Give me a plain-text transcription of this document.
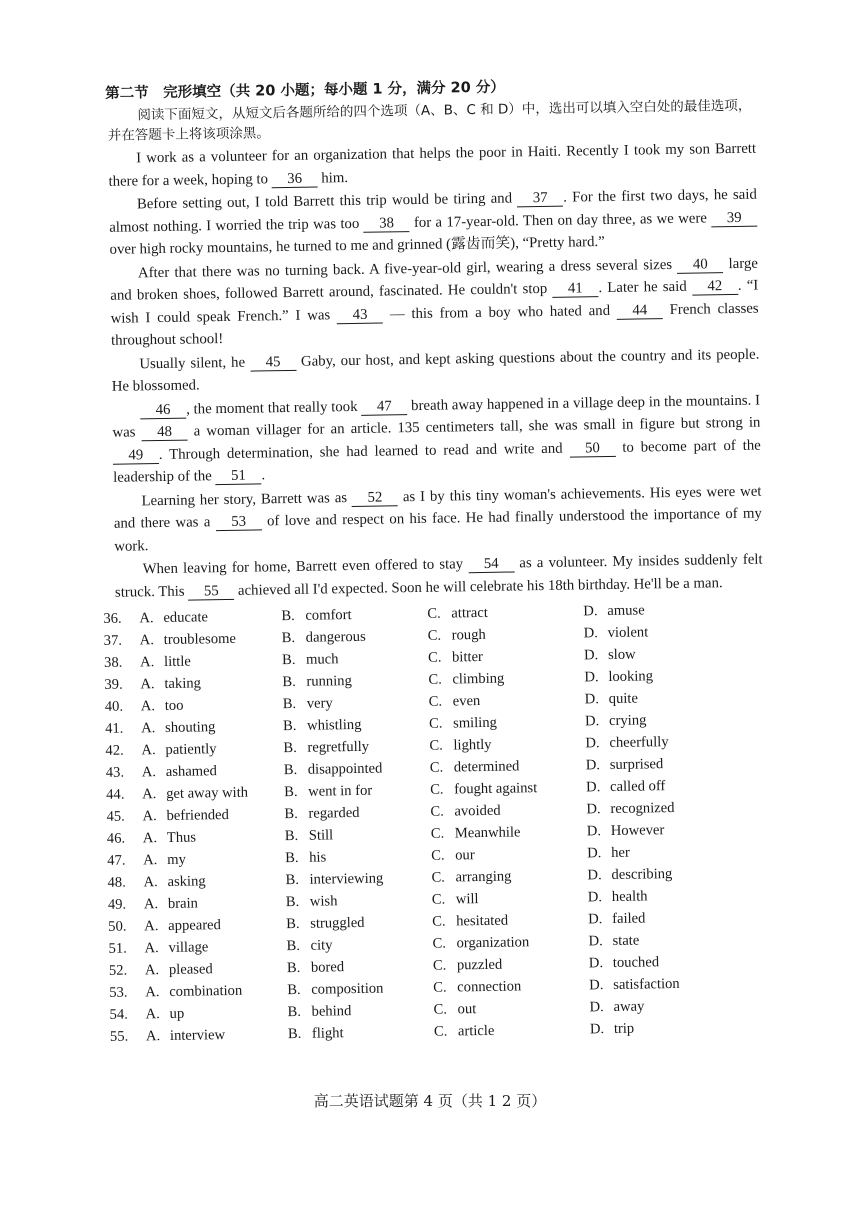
第二节　完形填空（共 20 小题；每小题 1 分，满分 20 分）
阅读下面短文，从短文后各题所给的四个选项（A、B、C 和 D）中，选出可以填入空白处的最佳选项，并在答题卡上将该项涂黑。

I work as a volunteer for an organization that helps the poor in Haiti. Recently I took my son Barrett there for a week, hoping to 36 him.

Before setting out, I told Barrett this trip would be tiring and 37 . For the first two days, he said almost nothing. I worried the trip was too 38 for a 17-year-old. Then on day three, as we were 39 over high rocky mountains, he turned to me and grinned (露齿而笑), “Pretty hard.”

After that there was no turning back. A five-year-old girl, wearing a dress several sizes 40 large and broken shoes, followed Barrett around, fascinated. He couldn't stop 41 . Later he said 42 . “I wish I could speak French.” I was 43 — this from a boy who hated and 44 French classes throughout school!

Usually silent, he 45 Gaby, our host, and kept asking questions about the country and its people. He blossomed.

46 , the moment that really took 47 breath away happened in a village deep in the mountains. I was 48 a woman villager for an article. 135 centimeters tall, she was small in figure but strong in 49 . Through determination, she had learned to read and write and 50 to become part of the leadership of the 51 .

Learning her story, Barrett was as 52 as I by this tiny woman's achievements. His eyes were wet and there was a 53 of love and respect on his face. He had finally understood the importance of my work.

When leaving for home, Barrett even offered to stay 54 as a volunteer. My insides suddenly felt struck. This 55 achieved all I'd expected. Soon he will celebrate his 18th birthday. He'll be a man.

36. A. educate	B. comfort	C. attract	D. amuse
37. A. troublesome	B. dangerous	C. rough	D. violent
38. A. little	B. much	C. bitter	D. slow
39. A. taking	B. running	C. climbing	D. looking
40. A. too	B. very	C. even	D. quite
41. A. shouting	B. whistling	C. smiling	D. crying
42. A. patiently	B. regretfully	C. lightly	D. cheerfully
43. A. ashamed	B. disappointed	C. determined	D. surprised
44. A. get away with	B. went in for	C. fought against	D. called off
45. A. befriended	B. regarded	C. avoided	D. recognized
46. A. Thus	B. Still	C. Meanwhile	D. However
47. A. my	B. his	C. our	D. her
48. A. asking	B. interviewing	C. arranging	D. describing
49. A. brain	B. wish	C. will	D. health
50. A. appeared	B. struggled	C. hesitated	D. failed
51. A. village	B. city	C. organization	D. state
52. A. pleased	B. bored	C. puzzled	D. touched
53. A. combination	B. composition	C. connection	D. satisfaction
54. A. up	B. behind	C. out	D. away
55. A. interview	B. flight	C. article	D. trip
高二英语试题第 4 页（共 1 2 页）
